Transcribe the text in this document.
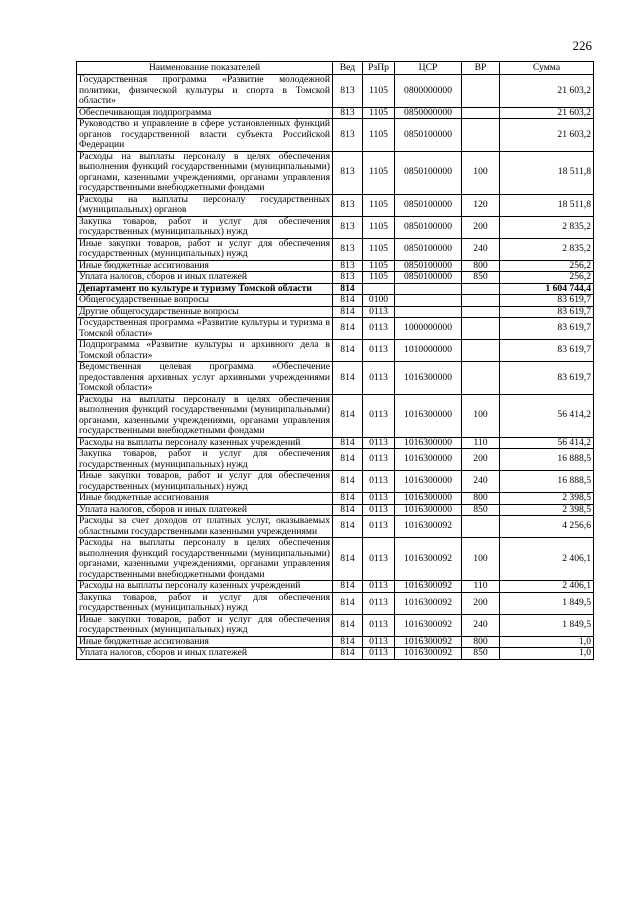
226
Наименование показателей	Вед	РзПр	ЦСР	ВР	Сумма
Государственная программа «Развитие молодежной политики, физической культуры и спорта в Томской области»	813	1105	0800000000		21 603,2
Обеспечивающая подпрограмма	813	1105	0850000000		21 603,2
Руководство и управление в сфере установленных функций органов государственной власти субъекта Российской Федерации	813	1105	0850100000		21 603,2
Расходы на выплаты персоналу в целях обеспечения выполнения функций государственными (муниципальными) органами, казенными учреждениями, органами управления государственными внебюджетными фондами	813	1105	0850100000	100	18 511,8
Расходы на выплаты персоналу государственных (муниципальных) органов	813	1105	0850100000	120	18 511,8
Закупка товаров, работ и услуг для обеспечения государственных (муниципальных) нужд	813	1105	0850100000	200	2 835,2
Иные закупки товаров, работ и услуг для обеспечения государственных (муниципальных) нужд	813	1105	0850100000	240	2 835,2
Иные бюджетные ассигнования	813	1105	0850100000	800	256,2
Уплата налогов, сборов и иных платежей	813	1105	0850100000	850	256,2
Департамент по культуре и туризму Томской области	814				1 604 744,4
Общегосударственные вопросы	814	0100			83 619,7
Другие общегосударственные вопросы	814	0113			83 619,7
Государственная программа «Развитие культуры и туризма в Томской области»	814	0113	1000000000		83 619,7
Подпрограмма «Развитие культуры и архивного дела в Томской области»	814	0113	1010000000		83 619,7
Ведомственная целевая программа «Обеспечение предоставления архивных услуг архивными учреждениями Томской области»	814	0113	1016300000		83 619,7
Расходы на выплаты персоналу в целях обеспечения выполнения функций государственными (муниципальными) органами, казенными учреждениями, органами управления государственными внебюджетными фондами	814	0113	1016300000	100	56 414,2
Расходы на выплаты персоналу казенных учреждений	814	0113	1016300000	110	56 414,2
Закупка товаров, работ и услуг для обеспечения государственных (муниципальных) нужд	814	0113	1016300000	200	16 888,5
Иные закупки товаров, работ и услуг для обеспечения государственных (муниципальных) нужд	814	0113	1016300000	240	16 888,5
Иные бюджетные ассигнования	814	0113	1016300000	800	2 398,5
Уплата налогов, сборов и иных платежей	814	0113	1016300000	850	2 398,5
Расходы за счет доходов от платных услуг, оказываемых областными государственными казенными учреждениями	814	0113	1016300092		4 256,6
Расходы на выплаты персоналу в целях обеспечения выполнения функций государственными (муниципальными) органами, казенными учреждениями, органами управления государственными внебюджетными фондами	814	0113	1016300092	100	2 406,1
Расходы на выплаты персоналу казенных учреждений	814	0113	1016300092	110	2 406,1
Закупка товаров, работ и услуг для обеспечения государственных (муниципальных) нужд	814	0113	1016300092	200	1 849,5
Иные закупки товаров, работ и услуг для обеспечения государственных (муниципальных) нужд	814	0113	1016300092	240	1 849,5
Иные бюджетные ассигнования	814	0113	1016300092	800	1,0
Уплата налогов, сборов и иных платежей	814	0113	1016300092	850	1,0
